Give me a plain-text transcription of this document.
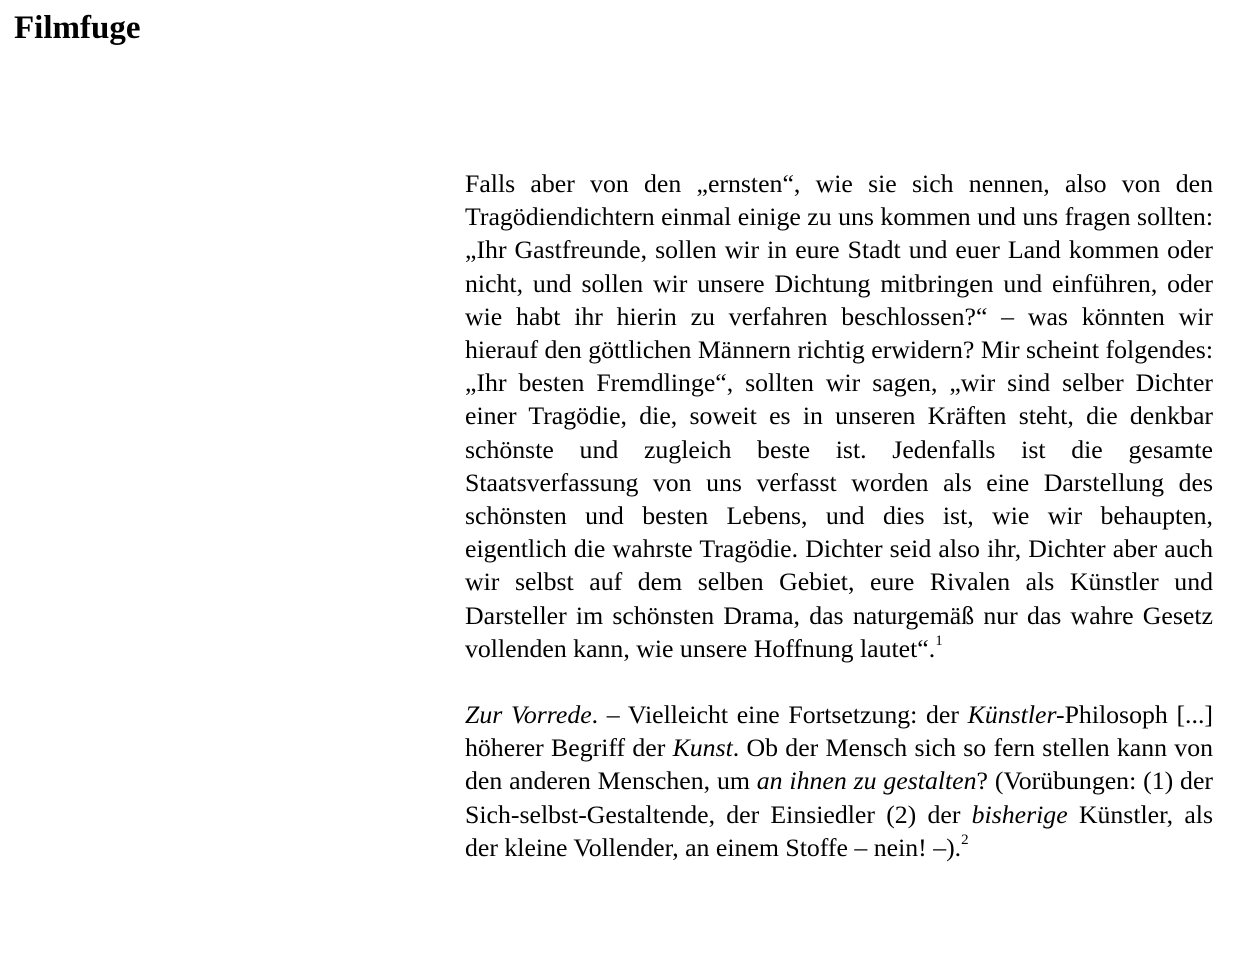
Filmfuge

Falls aber von den „ernsten“, wie sie sich nennen, also von den Tragödiendichtern einmal einige zu uns kommen und uns fragen sollten: „Ihr Gastfreunde, sollen wir in eure Stadt und euer Land kommen oder nicht, und sollen wir unsere Dichtung mitbringen und einführen, oder wie habt ihr hierin zu verfahren beschlossen?“ – was könnten wir hierauf den göttlichen Männern richtig erwidern? Mir scheint folgendes: „Ihr besten Fremdlinge“, sollten wir sagen, „wir sind selber Dichter einer Tragödie, die, soweit es in unseren Kräften steht, die denkbar schönste und zugleich beste ist. Jedenfalls ist die gesamte Staatsverfassung von uns verfasst worden als eine Darstellung des schönsten und besten Lebens, und dies ist, wie wir behaupten, eigentlich die wahrste Tragödie. Dichter seid also ihr, Dichter aber auch wir selbst auf dem selben Gebiet, eure Rivalen als Künstler und Darsteller im schönsten Drama, das naturgemäß nur das wahre Gesetz vollenden kann, wie unsere Hoffnung lautet“.$^1$

Zur Vorrede. – Vielleicht eine Fortsetzung: der Künstler-Philosoph [...] höherer Begriff der Kunst. Ob der Mensch sich so fern stellen kann von den anderen Menschen, um an ihnen zu gestalten? (Vorübungen: (1) der Sich-selbst-Gestaltende, der Einsiedler (2) der bisherige Künstler, als der kleine Vollender, an einem Stoffe – nein! –).$^2$
